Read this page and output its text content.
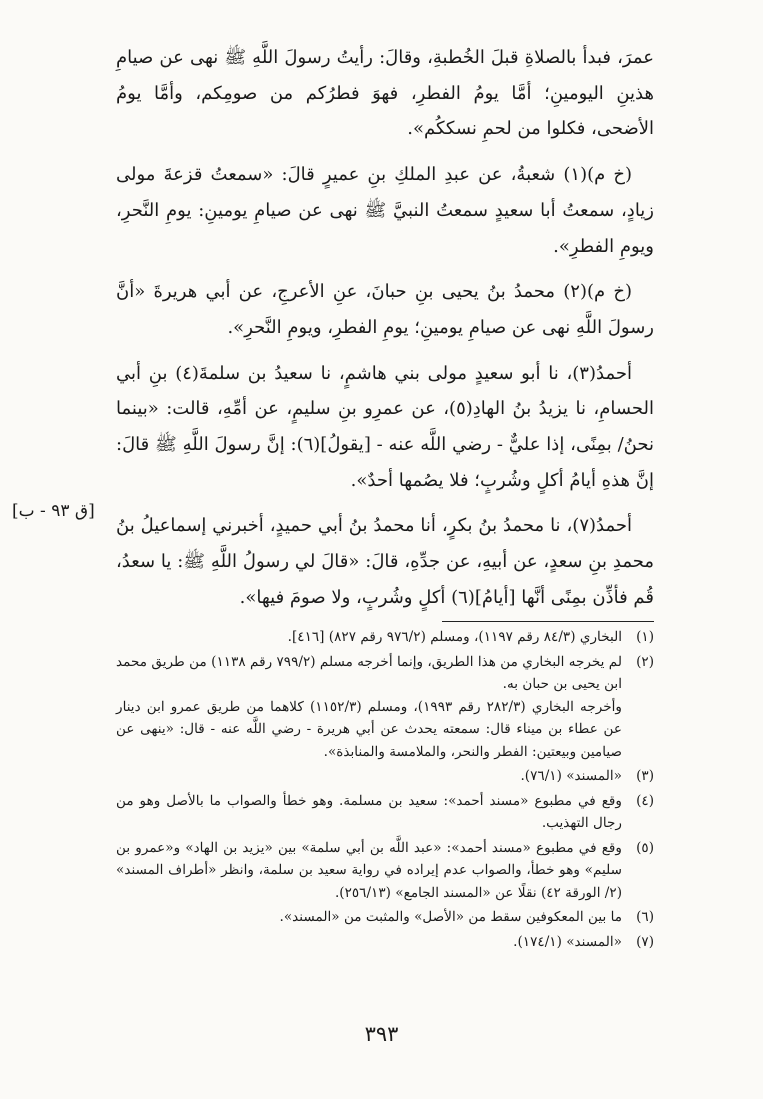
عمرَ، فبدأ بالصلاةِ قبلَ الخُطبةِ، وقالَ: رأيتُ رسولَ اللَّهِ ﷺ نهى عن صيامِ هذينِ اليومينِ؛ أمَّا يومُ الفطرِ، فهوَ فطرُكم من صومِكم، وأمَّا يومُ الأضحى، فكلوا من لحمِ نسككُم».

(خ م)(١) شعبةُ، عن عبدِ الملكِ بنِ عميرٍ قالَ: «سمعتُ قزعةَ مولى زيادٍ، سمعتُ أبا سعيدٍ سمعتُ النبيَّ ﷺ نهى عن صيامِ يومينِ: يومِ النَّحرِ، ويومِ الفطرِ».

(خ م)(٢) محمدُ بنُ يحيى بنِ حبانَ، عنِ الأعرجِ، عن أبي هريرةَ «أنَّ رسولَ اللَّهِ نهى عن صيامِ يومينِ؛ يومِ الفطرِ، ويومِ النَّحرِ».

أحمدُ(٣)، نا أبو سعيدٍ مولى بني هاشمٍ، نا سعيدُ بن سلمةَ(٤) بنِ أبي الحسامِ، نا يزيدُ بنُ الهادِ(٥)، عن عمرِو بنِ سليمٍ، عن أمِّهِ، قالت: «بينما نحنُ/ بمِنًى، إذا عليٌّ - رضي اللَّه عنه - [يقولُ](٦): إنَّ رسولَ اللَّهِ ﷺ قالَ: إنَّ هذهِ أيامُ أكلٍ وشُربٍ؛ فلا يصُمها أحدٌ».

أحمدُ(٧)، نا محمدُ بنُ بكرٍ، أنا محمدُ بنُ أبي حميدٍ، أخبرني إسماعيلُ بنُ محمدِ بنِ سعدٍ، عن أبيهِ، عن جدِّهِ، قالَ: «قالَ لي رسولُ اللَّهِ ﷺ: يا سعدُ، قُم فأذِّن بمِنًى أنَّها [أيامُ](٦) أكلٍ وشُربٍ، ولا صومَ فيها».

[ق ٩٣ - ب]
(١)

البخاري (٨٤/٣ رقم ١١٩٧)، ومسلم (٩٧٦/٢ رقم ٨٢٧) [٤١٦].

(٢)

لم يخرجه البخاري من هذا الطريق، وإنما أخرجه مسلم (٧٩٩/٢ رقم ١١٣٨) من طريق محمد ابن يحيى بن حبان به.

وأخرجه البخاري (٢٨٢/٣ رقم ١٩٩٣)، ومسلم (١١٥٢/٣) كلاهما من طريق عمرو ابن دينار عن عطاء بن ميناء قال: سمعته يحدث عن أبي هريرة - رضي اللَّه عنه - قال: «ينهى عن صيامين وبيعتين: الفطر والنحر، والملامسة والمنابذة».

(٣)

«المسند» (٧٦/١).

(٤)

وقع في مطبوع «مسند أحمد»: سعيد بن مسلمة. وهو خطأ والصواب ما بالأصل وهو من رجال التهذيب.

(٥)

وقع في مطبوع «مسند أحمد»: «عبد اللَّه بن أبي سلمة» بين «يزيد بن الهاد» و«عمرو بن سليم» وهو خطأ، والصواب عدم إيراده في رواية سعيد بن سلمة، وانظر «أطراف المسند» (٢/ الورقة ٤٢) نقلًا عن «المسند الجامع» (٢٥٦/١٣).

(٦)

ما بين المعكوفين سقط من «الأصل» والمثبت من «المسند».

(٧)

«المسند» (١٧٤/١).

٣٩٣
